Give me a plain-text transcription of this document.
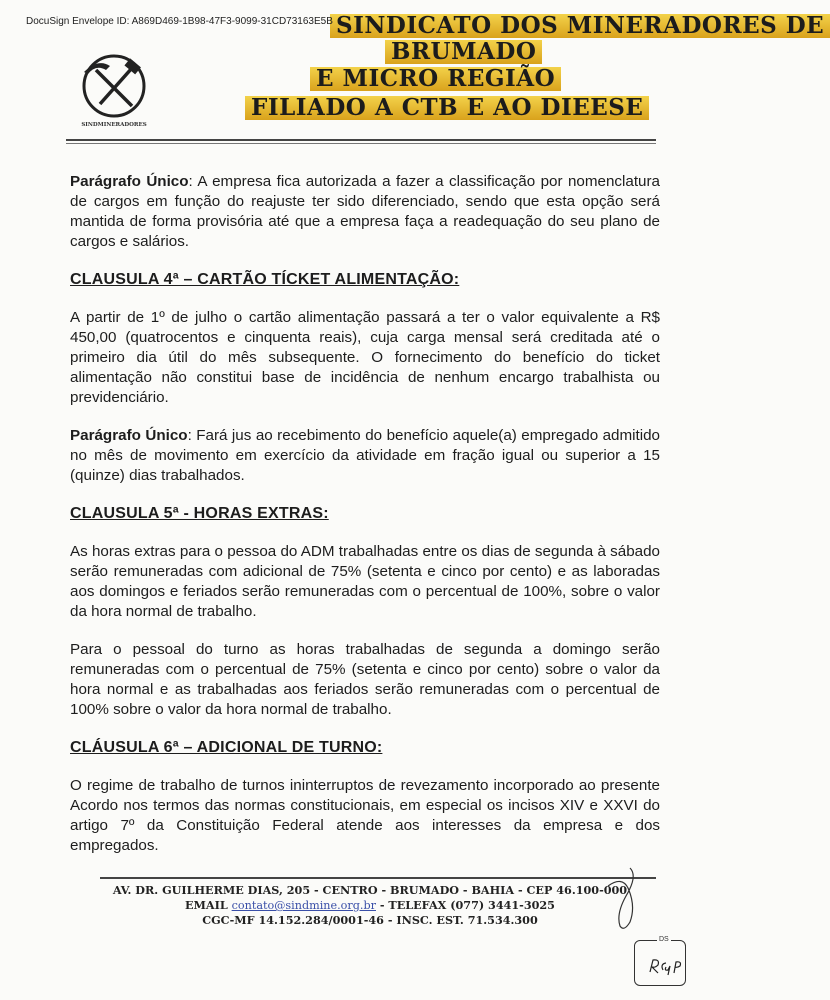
DocuSign Envelope ID: A869D469-1B98-47F3-9099-31CD73163E5B SINDICATO DOS MINERADORES DE
BRUMADO
E MICRO REGIÃO
FILIADO A CTB E AO DIEESE
SINDMINERADORES

Parágrafo Único: A empresa fica autorizada a fazer a classificação por nomenclatura de cargos em função do reajuste ter sido diferenciado, sendo que esta opção será mantida de forma provisória até que a empresa faça a readequação do seu plano de cargos e salários.

CLAUSULA 4ª – CARTÃO TÍCKET ALIMENTAÇÃO:

A partir de 1º de julho o cartão alimentação passará a ter o valor equivalente a R$ 450,00 (quatrocentos e cinquenta reais), cuja carga mensal será creditada até o primeiro dia útil do mês subsequente. O fornecimento do benefício do ticket alimentação não constitui base de incidência de nenhum encargo trabalhista ou previdenciário.

Parágrafo Único: Fará jus ao recebimento do benefício aquele(a) empregado admitido no mês de movimento em exercício da atividade em fração igual ou superior a 15 (quinze) dias trabalhados.

CLAUSULA 5ª - HORAS EXTRAS:

As horas extras para o pessoa do ADM trabalhadas entre os dias de segunda à sábado serão remuneradas com adicional de 75% (setenta e cinco por cento) e as laboradas aos domingos e feriados serão remuneradas com o percentual de 100%, sobre o valor da hora normal de trabalho.

Para o pessoal do turno as horas trabalhadas de segunda a domingo serão remuneradas com o percentual de 75% (setenta e cinco por cento) sobre o valor da hora normal e as trabalhadas aos feriados serão remuneradas com o percentual de 100% sobre o valor da hora normal de trabalho.

CLÁUSULA 6ª – ADICIONAL DE TURNO:

O regime de trabalho de turnos ininterruptos de revezamento incorporado ao presente Acordo nos termos das normas constitucionais, em especial os incisos XIV e XXVI do artigo 7º da Constituição Federal atende aos interesses da empresa e dos empregados.

AV. DR. GUILHERME DIAS, 205 - CENTRO - BRUMADO - BAHIA - CEP 46.100-000
EMAIL contato@sindmine.org.br - TELEFAX (077) 3441-3025
CGC-MF 14.152.284/0001-46 - INSC. EST. 71.534.300
DS
